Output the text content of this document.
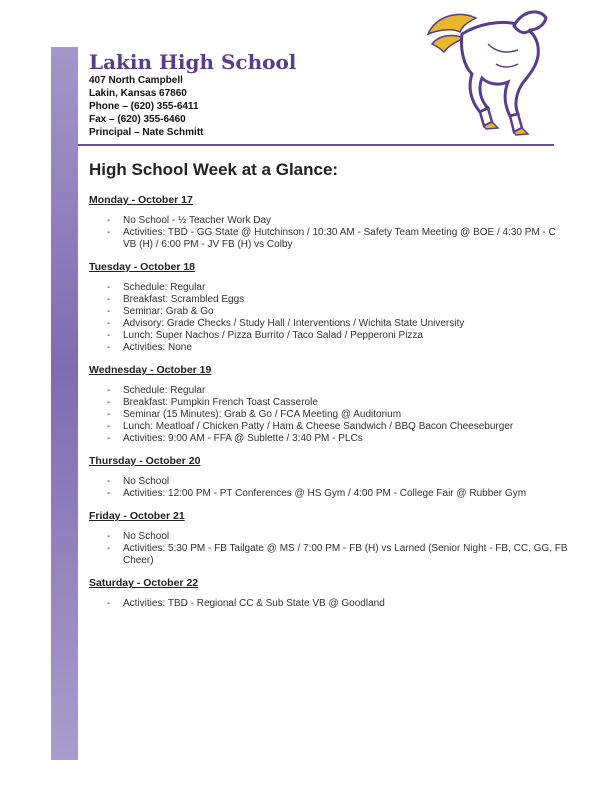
Lakin High School
407 North Campbell
Lakin, Kansas 67860
Phone – (620) 355-6411
Fax – (620) 355-6460
Principal – Nate Schmitt
High School Week at a Glance:

Monday - October 17

- No School - ½ Teacher Work Day
- Activities: TBD - GG State @ Hutchinson / 10:30 AM - Safety Team Meeting @ BOE / 4:30 PM - C VB (H) / 6:00 PM - JV FB (H) vs Colby

Tuesday - October 18

- Schedule: Regular
- Breakfast: Scrambled Eggs
- Seminar: Grab & Go
- Advisory: Grade Checks / Study Hall / Interventions / Wichita State University
- Lunch: Super Nachos / Pizza Burrito / Taco Salad / Pepperoni Pizza
- Activities: None

Wednesday - October 19

- Schedule: Regular
- Breakfast: Pumpkin French Toast Casserole
- Seminar (15 Minutes): Grab & Go / FCA Meeting @ Auditorium
- Lunch: Meatloaf / Chicken Patty / Ham & Cheese Sandwich / BBQ Bacon Cheeseburger
- Activities: 9:00 AM - FFA @ Sublette / 3:40 PM - PLCs

Thursday - October 20

- No School
- Activities: 12:00 PM - PT Conferences @ HS Gym / 4:00 PM - College Fair @ Rubber Gym

Friday - October 21

- No School
- Activities: 5:30 PM - FB Tailgate @ MS / 7:00 PM - FB (H) vs Larned (Senior Night - FB, CC, GG, FB Cheer)

Saturday - October 22

- Activities: TBD - Regional CC & Sub State VB @ Goodland
